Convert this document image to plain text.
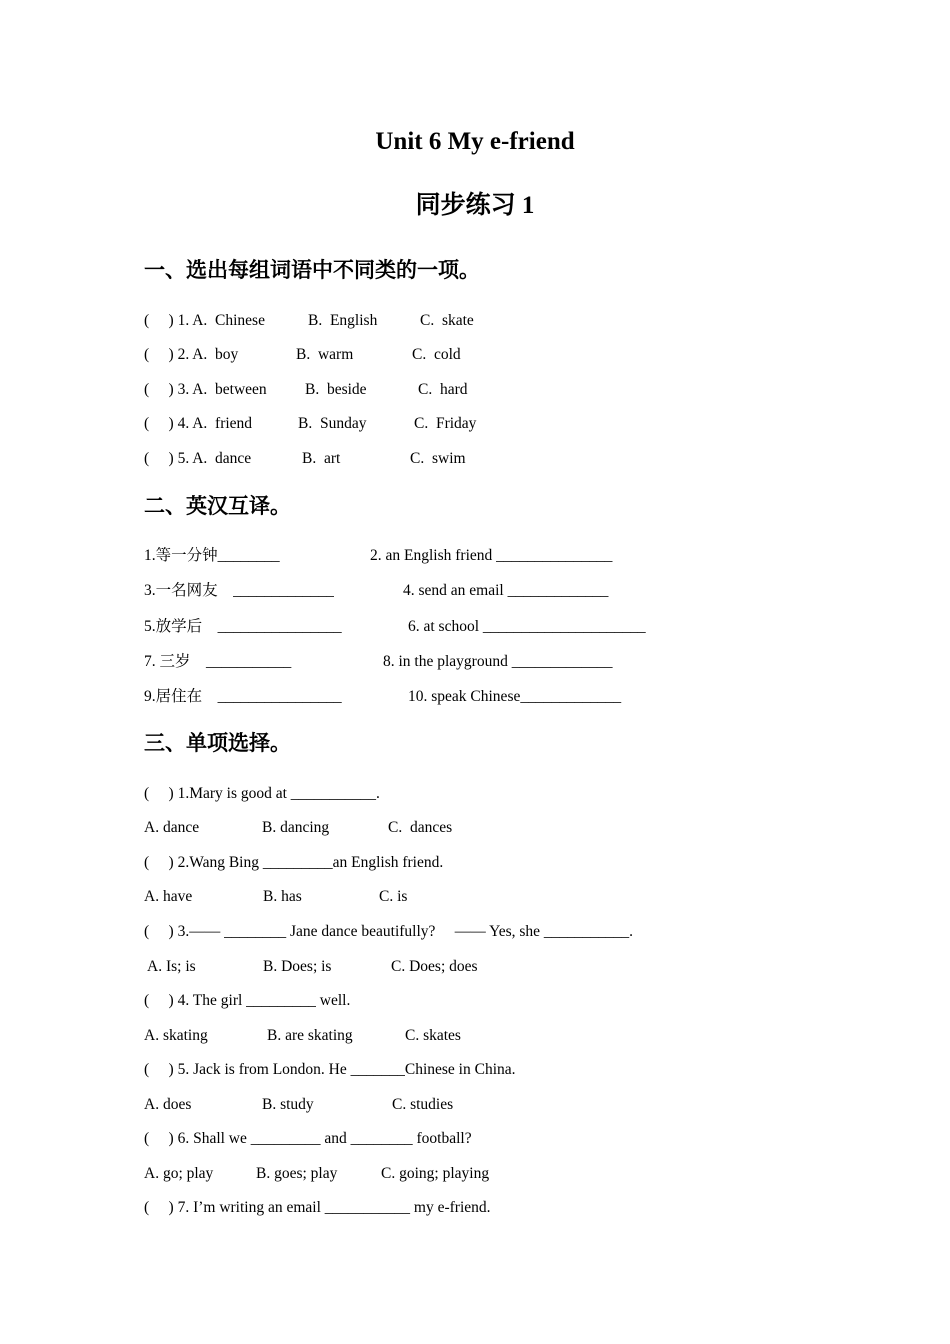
Unit 6 My e-friend
同步练习 1
一、选出每组词语中不同类的一项。
(     ) 1. A.  Chinese	B.  English	C.  skate
(     ) 2. A.  boy	B.  warm	C.  cold
(     ) 3. A.  between B.  beside	C.  hard
(     ) 4. A.  friend	B.  Sunday	C.  Friday
(     ) 5. A.  dance	B.  art	C.  swim
二、英汉互译。
1.等一分钟________	2. an English friend _______________
3.一名网友    _____________	4. send an email _____________
5.放学后    ________________	6. at school _____________________
7. 三岁    ___________	8. in the playground _____________
9.居住在    ________________	10. speak Chinese_____________
三、单项选择。
(     ) 1.Mary is good at ___________.
A. dance	B. dancing	C.  dances
(     ) 2.Wang Bing _________an English friend.
A. have	B. has	C. is
(     ) 3.—— ________ Jane dance beautifully?     —— Yes, she ___________.
A. Is; is	B. Does; is	C. Does; does
(     ) 4. The girl _________ well.
A. skating	B. are skating	C. skates
(     ) 5. Jack is from London. He _______Chinese in China.
A. does	B. study	C. studies
(     ) 6. Shall we _________ and ________ football?
A. go; play	B. goes; play	C. going; playing
(     ) 7. I’m writing an email ___________ my e-friend.
